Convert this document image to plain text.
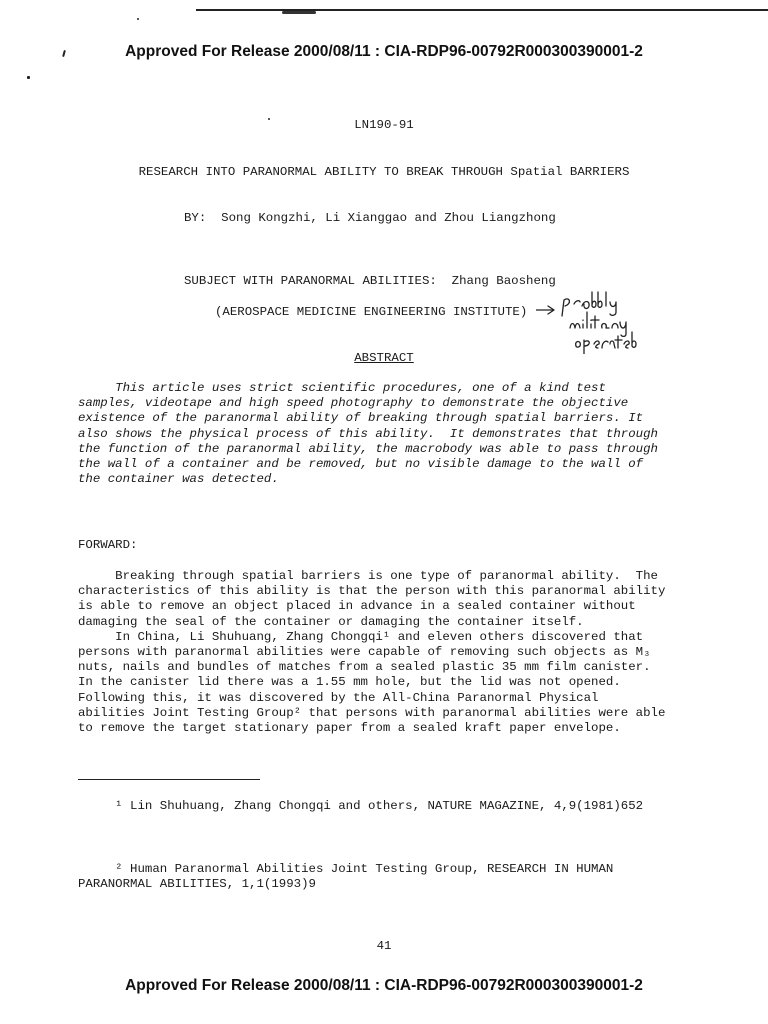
Approved For Release 2000/08/11 : CIA-RDP96-00792R000300390001-2
LN190-91
RESEARCH INTO PARANORMAL ABILITY TO BREAK THROUGH Spatial BARRIERS
BY:  Song Kongzhi, Li Xianggao and Zhou Liangzhong
SUBJECT WITH PARANORMAL ABILITIES:  Zhang Baosheng
(AEROSPACE MEDICINE ENGINEERING INSTITUTE)
ABSTRACT

This article uses strict scientific procedures, one of a kind test

samples, videotape and high speed photography to demonstrate the objective

existence of the paranormal ability of breaking through spatial barriers. It

also shows the physical process of this ability.  It demonstrates that through

the function of the paranormal ability, the macrobody was able to pass through

the wall of a container and be removed, but no visible damage to the wall of

the container was detected.

FORWARD:

Breaking through spatial barriers is one type of paranormal ability.  The

characteristics of this ability is that the person with this paranormal ability

is able to remove an object placed in advance in a sealed container without

damaging the seal of the container or damaging the container itself.

In China, Li Shuhuang, Zhang Chongqi¹ and eleven others discovered that

persons with paranormal abilities were capable of removing such objects as M₃

nuts, nails and bundles of matches from a sealed plastic 35 mm film canister.

In the canister lid there was a 1.55 mm hole, but the lid was not opened.

Following this, it was discovered by the All-China Paranormal Physical

abilities Joint Testing Group² that persons with paranormal abilities were able

to remove the target stationary paper from a sealed kraft paper envelope.

¹ Lin Shuhuang, Zhang Chongqi and others, NATURE MAGAZINE, 4,9(1981)652

² Human Paranormal Abilities Joint Testing Group, RESEARCH IN HUMAN

PARANORMAL ABILITIES, 1,1(1993)9

41
Approved For Release 2000/08/11 : CIA-RDP96-00792R000300390001-2
